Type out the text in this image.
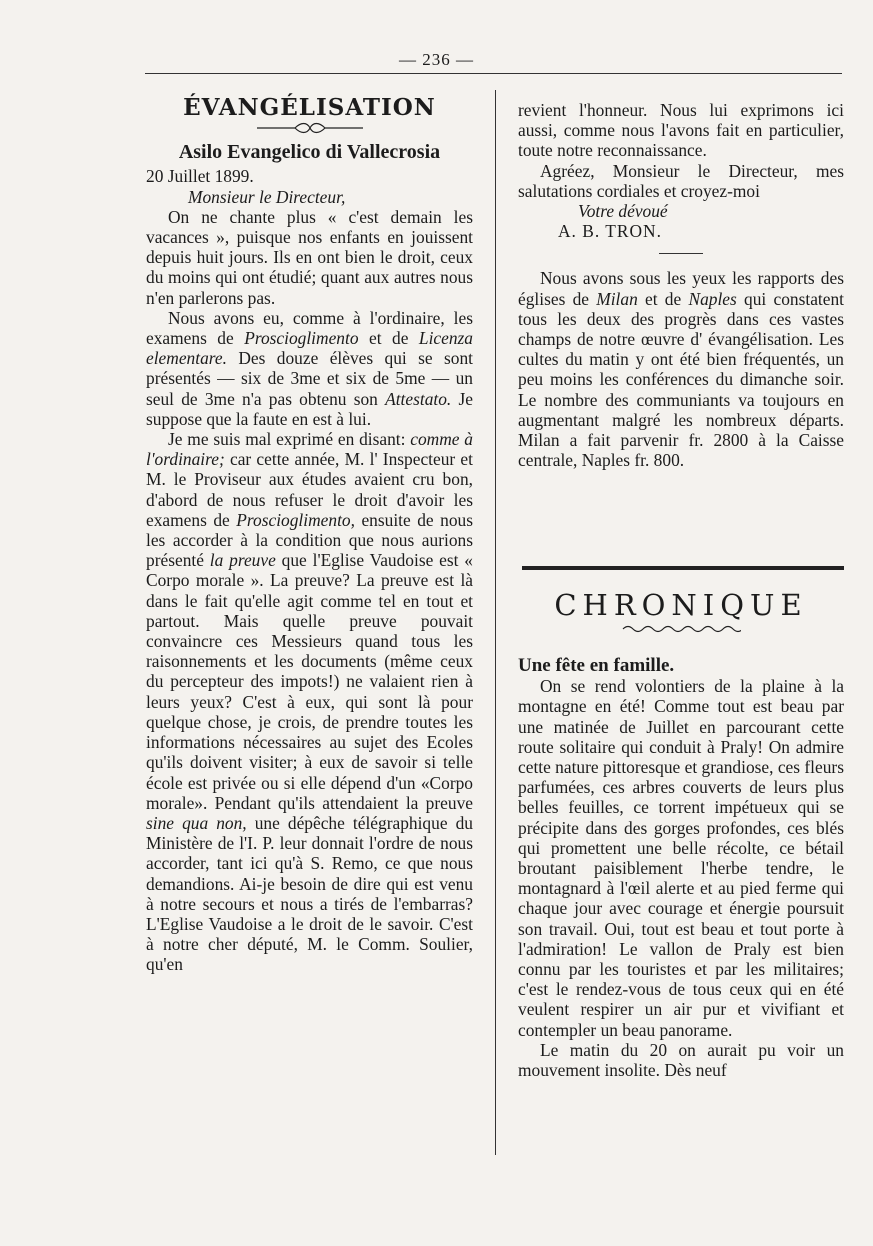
— 236 —
ÉVANGÉLISATION
Asilo Evangelico di Vallecrosia

20 Juillet 1899.

Monsieur le Directeur,

On ne chante plus « c'est demain les vacances », puisque nos enfants en jouissent depuis huit jours. Ils en ont bien le droit, ceux du moins qui ont étudié; quant aux autres nous n'en parlerons pas.

Nous avons eu, comme à l'ordinaire, les examens de Proscioglimento et de Licenza elementare. Des douze élèves qui se sont présentés — six de 3me et six de 5me — un seul de 3me n'a pas obtenu son Attestato. Je suppose que la faute en est à lui.

Je me suis mal exprimé en disant: comme à l'ordinaire; car cette année, M. l' Inspecteur et M. le Proviseur aux études avaient cru bon, d'abord de nous refuser le droit d'avoir les examens de Proscioglimento, ensuite de nous les accorder à la condition que nous aurions présenté la preuve que l'Eglise Vaudoise est « Corpo morale ». La preuve? La preuve est là dans le fait qu'elle agit comme tel en tout et partout. Mais quelle preuve pouvait convaincre ces Messieurs quand tous les raisonnements et les documents (même ceux du percepteur des impots!) ne valaient rien à leurs yeux? C'est à eux, qui sont là pour quelque chose, je crois, de prendre toutes les informations nécessaires au sujet des Ecoles qu'ils doivent visiter; à eux de savoir si telle école est privée ou si elle dépend d'un «Corpo morale». Pendant qu'ils attendaient la preuve sine qua non, une dépêche télégraphique du Ministère de l'I. P. leur donnait l'ordre de nous accorder, tant ici qu'à S. Remo, ce que nous demandions. Ai-je besoin de dire qui est venu à notre secours et nous a tirés de l'embarras? L'Eglise Vaudoise a le droit de le savoir. C'est à notre cher député, M. le Comm. Soulier, qu'en

revient l'honneur. Nous lui exprimons ici aussi, comme nous l'avons fait en particulier, toute notre reconnaissance.

Agréez, Monsieur le Directeur, mes salutations cordiales et croyez-moi

Votre dévoué

A. B. TRON.

Nous avons sous les yeux les rapports des églises de Milan et de Naples qui constatent tous les deux des progrès dans ces vastes champs de notre œuvre d' évangélisation. Les cultes du matin y ont été bien fréquentés, un peu moins les conférences du dimanche soir. Le nombre des communiants va toujours en augmentant malgré les nombreux départs. Milan a fait parvenir fr. 2800 à la Caisse centrale, Naples fr. 800.

CHRONIQUE

Une fête en famille.

On se rend volontiers de la plaine à la montagne en été! Comme tout est beau par une matinée de Juillet en parcourant cette route solitaire qui conduit à Praly! On admire cette nature pittoresque et grandiose, ces fleurs parfumées, ces arbres couverts de leurs plus belles feuilles, ce torrent impétueux qui se précipite dans des gorges profondes, ces blés qui promettent une belle récolte, ce bétail broutant paisiblement l'herbe tendre, le montagnard à l'œil alerte et au pied ferme qui chaque jour avec courage et énergie poursuit son travail. Oui, tout est beau et tout porte à l'admiration! Le vallon de Praly est bien connu par les touristes et par les militaires; c'est le rendez-vous de tous ceux qui en été veulent respirer un air pur et vivifiant et contempler un beau panorame.

Le matin du 20 on aurait pu voir un mouvement insolite. Dès neuf
